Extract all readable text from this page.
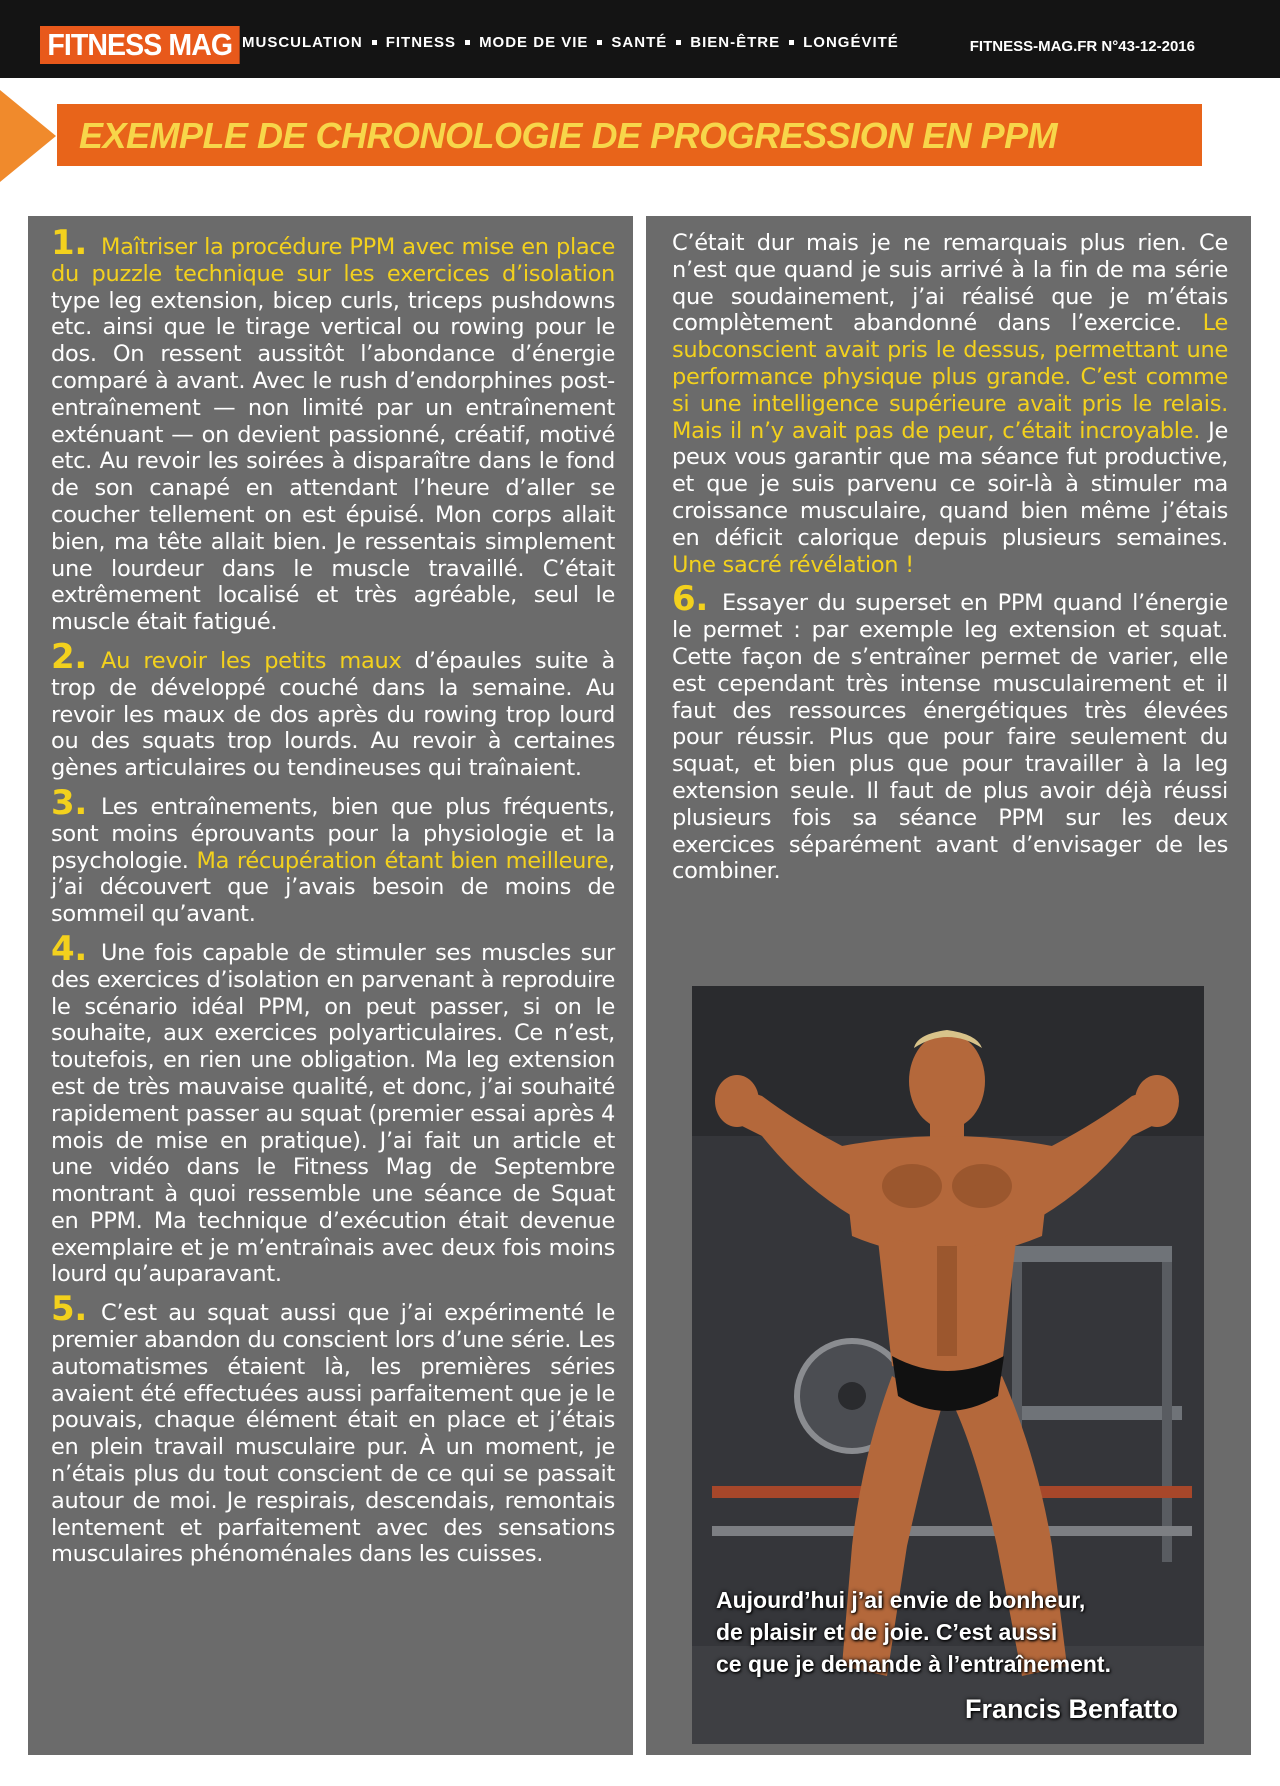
FITNESS MAG MUSCULATION	FITNESS	MODE DE VIE	SANTÉ	BIEN-ÊTRE	LONGÉVITÉ	FITNESS-MAG.FR N°43-12-2016
EXEMPLE DE CHRONOLOGIE DE PROGRESSION EN PPM

1. Maîtriser la procédure PPM avec mise en place du puzzle technique sur les exercices d’isolation type leg extension, bicep curls, triceps pushdowns etc. ainsi que le tirage vertical ou rowing pour le dos. On ressent aussitôt l’abondance d’énergie comparé à avant. Avec le rush d’endorphines post-entraînement — non limité par un entraînement exténuant — on devient passionné, créatif, motivé etc. Au revoir les soirées à disparaître dans le fond de son canapé en attendant l’heure d’aller se coucher tellement on est épuisé. Mon corps allait bien, ma tête allait bien. Je ressentais simplement une lourdeur dans le muscle travaillé. C’était extrêmement localisé et très agréable, seul le muscle était fatigué.

2. Au revoir les petits maux d’épaules suite à trop de développé couché dans la semaine. Au revoir les maux de dos après du rowing trop lourd ou des squats trop lourds. Au revoir à certaines gènes articulaires ou tendineuses qui traînaient.

3. Les entraînements, bien que plus fréquents, sont moins éprouvants pour la physiologie et la psychologie. Ma récupération étant bien meilleure, j’ai découvert que j’avais besoin de moins de sommeil qu’avant.

4. Une fois capable de stimuler ses muscles sur des exercices d’isolation en parvenant à reproduire le scénario idéal PPM, on peut passer, si on le souhaite, aux exercices polyarticulaires. Ce n’est, toutefois, en rien une obligation. Ma leg extension est de très mauvaise qualité, et donc, j’ai souhaité rapidement passer au squat (premier essai après 4 mois de mise en pratique). J’ai fait un article et une vidéo dans le Fitness Mag de Septembre montrant à quoi ressemble une séance de Squat en PPM. Ma technique d’exécution était devenue exemplaire et je m’entraînais avec deux fois moins lourd qu’auparavant.

5. C’est au squat aussi que j’ai expérimenté le premier abandon du conscient lors d’une série. Les automatismes étaient là, les premières séries avaient été effectuées aussi parfaitement que je le pouvais, chaque élément était en place et j’étais en plein travail musculaire pur. À un moment, je n’étais plus du tout conscient de ce qui se passait autour de moi. Je respirais, descendais, remontais lentement et parfaitement avec des sensations musculaires phénoménales dans les cuisses.

C’était dur mais je ne remarquais plus rien. Ce n’est que quand je suis arrivé à la fin de ma série que soudainement, j’ai réalisé que je m’étais complètement abandonné dans l’exercice. Le subconscient avait pris le dessus, permettant une performance physique plus grande. C’est comme si une intelligence supérieure avait pris le relais. Mais il n’y avait pas de peur, c’était incroyable. Je peux vous garantir que ma séance fut productive, et que je suis parvenu ce soir-là à stimuler ma croissance musculaire, quand bien même j’étais en déficit calorique depuis plusieurs semaines. Une sacré révélation !

6. Essayer du superset en PPM quand l’énergie le permet : par exemple leg extension et squat. Cette façon de s’entraîner permet de varier, elle est cependant très intense musculairement et il faut des ressources énergétiques très élevées pour réussir. Plus que pour faire seulement du squat, et bien plus que pour travailler à la leg extension seule. Il faut de plus avoir déjà réussi plusieurs fois sa séance PPM sur les deux exercices séparément avant d’envisager de les combiner.

Aujourd’hui j’ai envie de bonheur,
de plaisir et de joie. C’est aussi
ce que je demande à l’entraînement.

Francis Benfatto
